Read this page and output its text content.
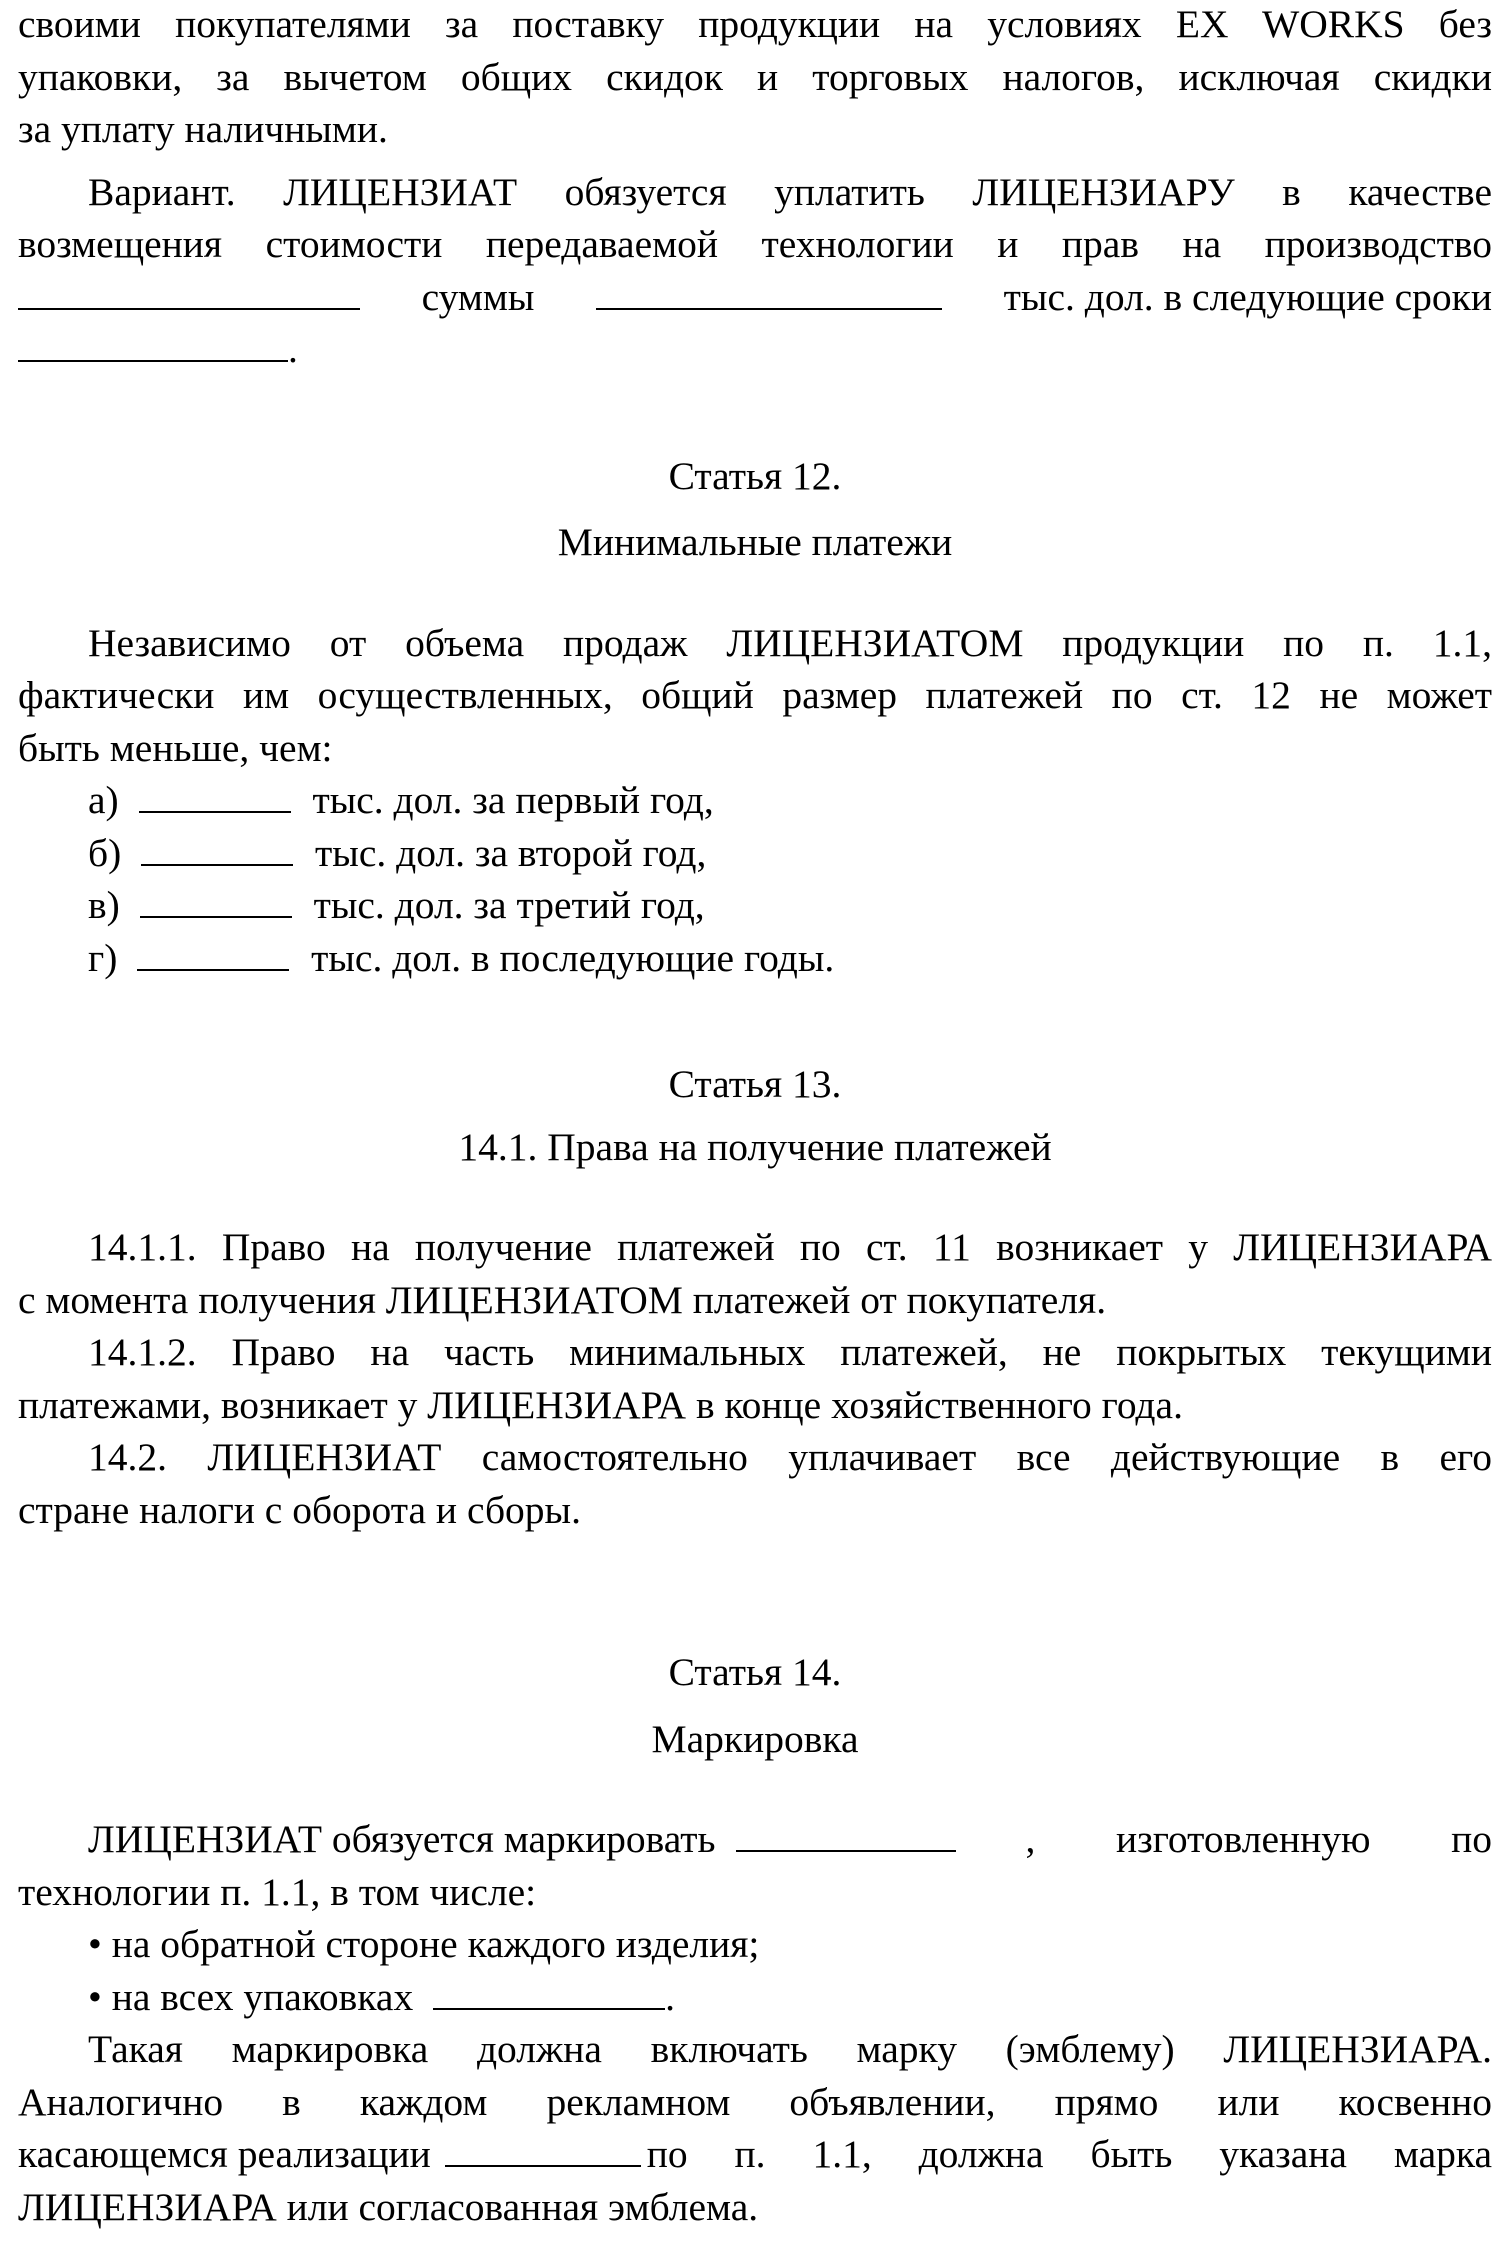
своими покупателями за поставку продукции на условиях EX WORKS без

упаковки, за вычетом общих скидок и торговых налогов, исключая скидки

за уплату наличными.

Вариант. ЛИЦЕНЗИАТ обязуется уплатить ЛИЦЕНЗИАРУ в качестве

возмещения стоимости передаваемой технологии и прав на производство

суммы	тыс. дол. в следующие сроки

.

Статья 12.

Минимальные платежи

Независимо от объема продаж ЛИЦЕНЗИАТОМ продукции по п. 1.1,

фактически им осуществленных, общий размер платежей по ст. 12 не может

быть меньше, чем:

а)	тыс. дол. за первый год,

б)	тыс. дол. за второй год,

в)	тыс. дол. за третий год,

г)	тыс. дол. в последующие годы.

Статья 13.

14.1. Права на получение платежей

14.1.1. Право на получение платежей по ст. 11 возникает у ЛИЦЕНЗИАРА

с момента получения ЛИЦЕНЗИАТОМ платежей от покупателя.

14.1.2. Право на часть минимальных платежей, не покрытых текущими

платежами, возникает у ЛИЦЕНЗИАРА в конце хозяйственного года.

14.2. ЛИЦЕНЗИАТ самостоятельно уплачивает все действующие в его

стране налоги с оборота и сборы.

Статья 14.

Маркировка

ЛИЦЕНЗИАТ обязуется маркировать	, изготовленную по

технологии п. 1.1, в том числе:

• на обратной стороне каждого изделия;

• на всех упаковках	.

Такая маркировка должна включать марку (эмблему) ЛИЦЕНЗИАРА.

Аналогично в каждом рекламном объявлении, прямо или косвенно

касающемся реализации	по п. 1.1, должна быть указана марка

ЛИЦЕНЗИАРА или согласованная эмблема.
